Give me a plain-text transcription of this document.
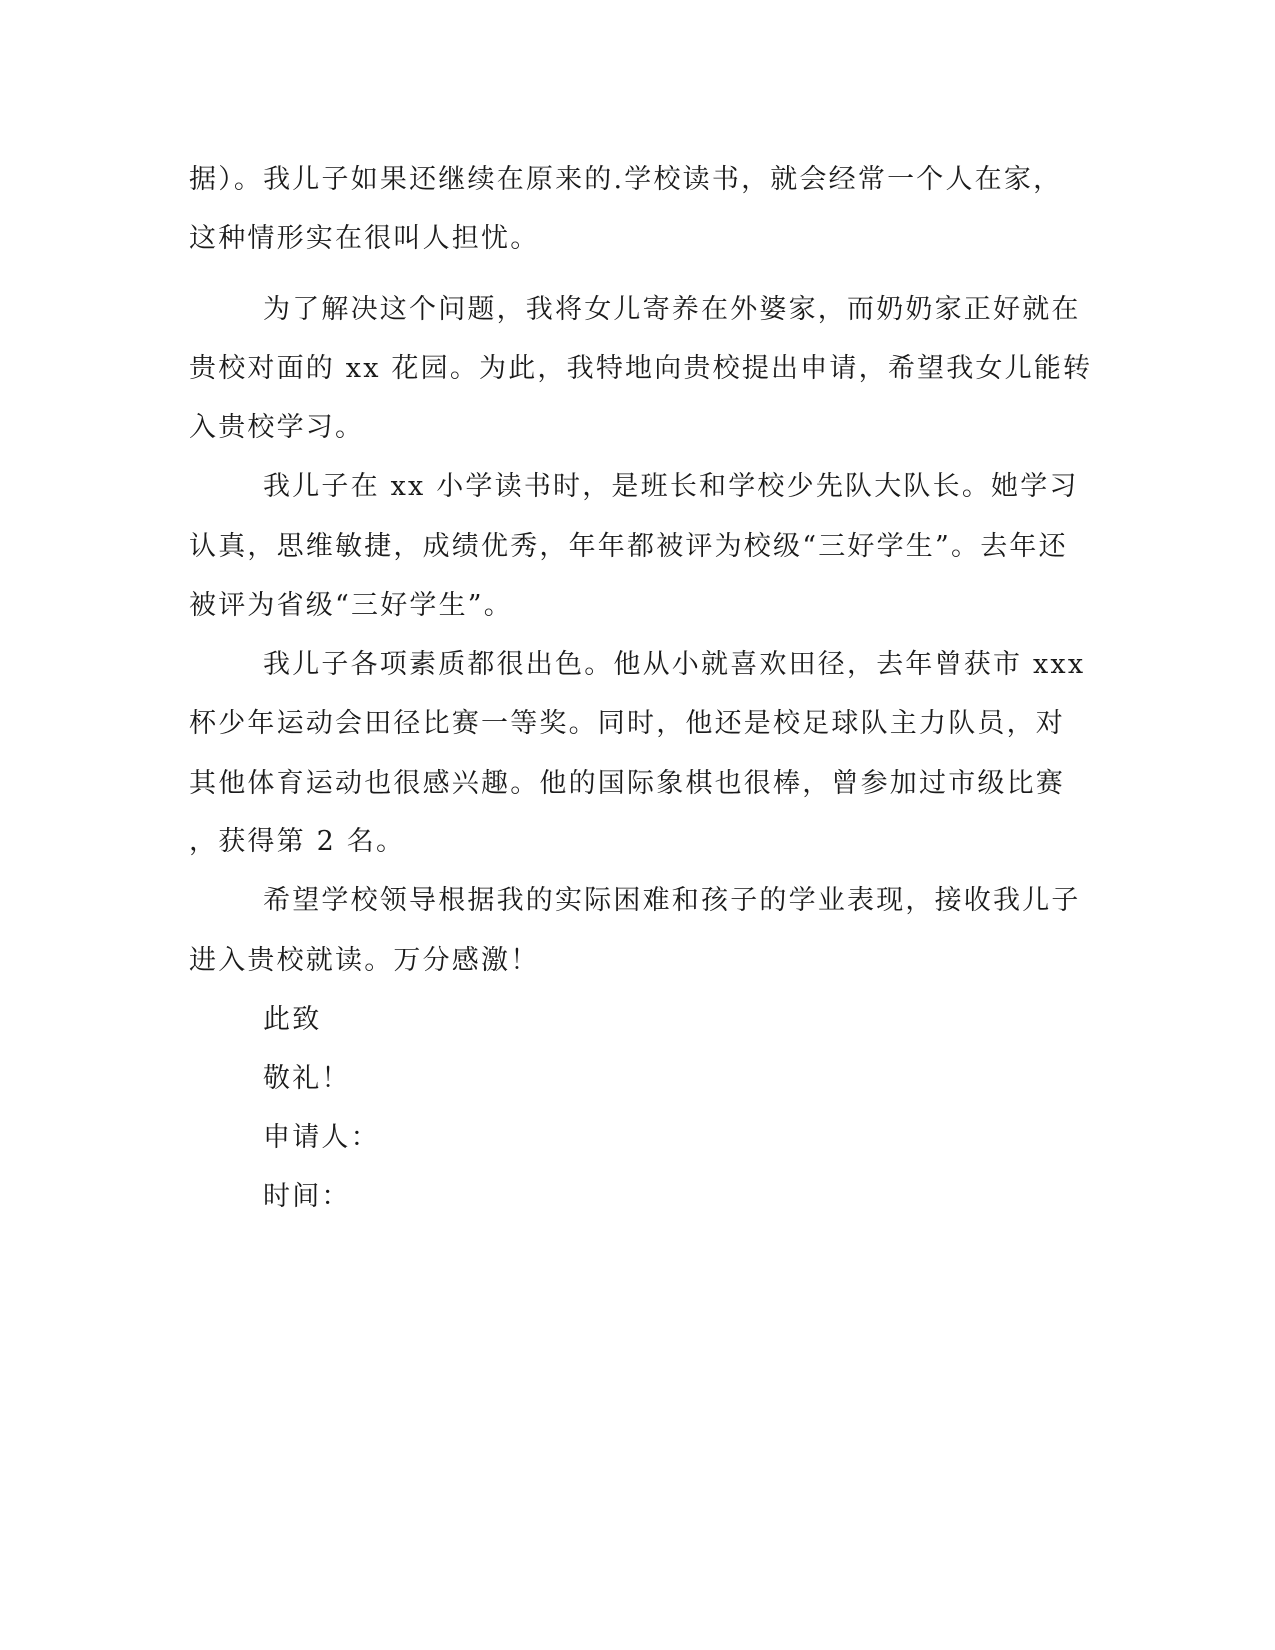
据）。我儿子如果还继续在原来的.学校读书，就会经常一个人在家，
这种情形实在很叫人担忧。
为了解决这个问题，我将女儿寄养在外婆家，而奶奶家正好就在
贵校对面的 xx 花园。为此，我特地向贵校提出申请，希望我女儿能转
入贵校学习。
我儿子在 xx 小学读书时，是班长和学校少先队大队长。她学习
认真，思维敏捷，成绩优秀，年年都被评为校级“三好学生”。去年还
被评为省级“三好学生”。
我儿子各项素质都很出色。他从小就喜欢田径，去年曾获市 xxx
杯少年运动会田径比赛一等奖。同时，他还是校足球队主力队员，对
其他体育运动也很感兴趣。他的国际象棋也很棒，曾参加过市级比赛
，获得第 2 名。
希望学校领导根据我的实际困难和孩子的学业表现，接收我儿子
进入贵校就读。万分感激！
此致
敬礼！
申请人：
时间：
